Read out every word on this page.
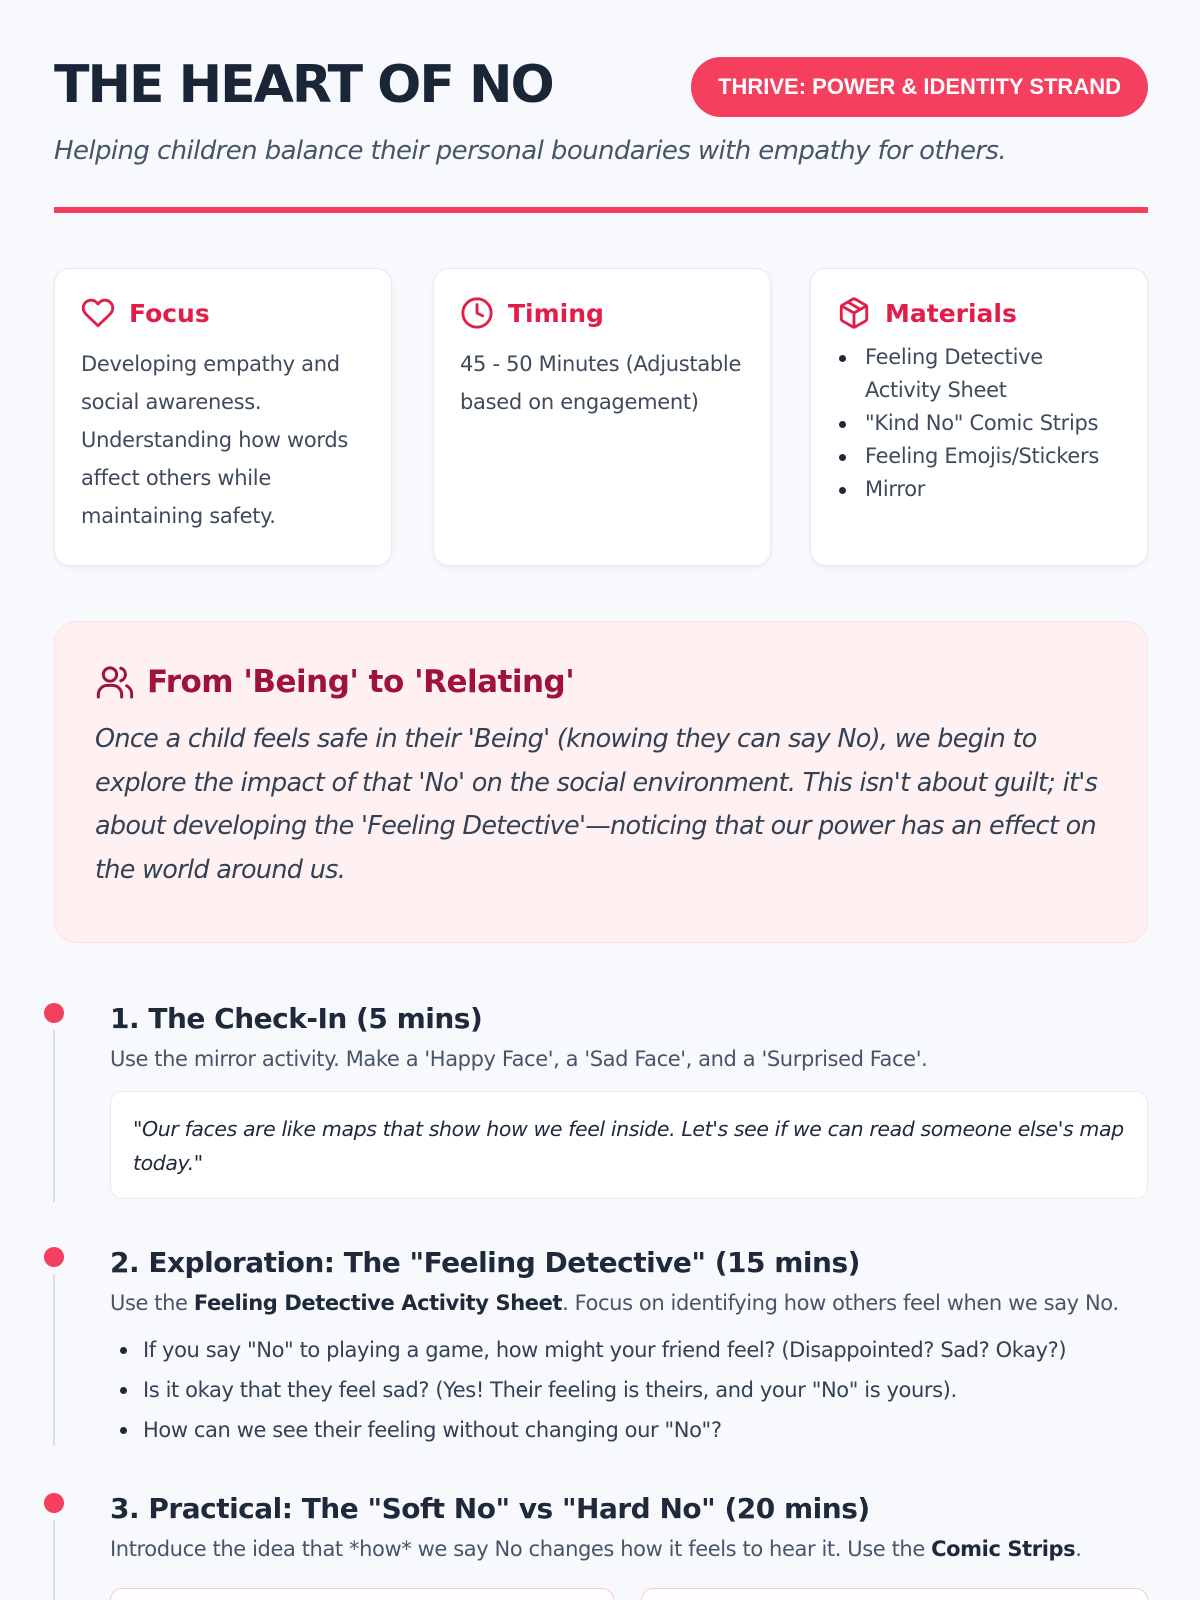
THE HEART OF NO	THRIVE: POWER & IDENTITY STRAND

Helping children balance their personal boundaries with empathy for others.

Focus

Developing empathy and social awareness. Understanding how words affect others while maintaining safety.

Timing

45 - 50 Minutes (Adjustable based on engagement)

Materials
Feeling Detective Activity Sheet
"Kind No" Comic Strips
Feeling Emojis/Stickers
Mirror
From 'Being' to 'Relating'

Once a child feels safe in their 'Being' (knowing they can say No), we begin to explore the impact of that 'No' on the social environment. This isn't about guilt; it's about developing the 'Feeling Detective'—noticing that our power has an effect on the world around us.

1. The Check-In (5 mins)

Use the mirror activity. Make a 'Happy Face', a 'Sad Face', and a 'Surprised Face'.

"Our faces are like maps that show how we feel inside. Let's see if we can read someone else's map today."
2. Exploration: The "Feeling Detective" (15 mins)

Use the Feeling Detective Activity Sheet. Focus on identifying how others feel when we say No.

If you say "No" to playing a game, how might your friend feel? (Disappointed? Sad? Okay?)
Is it okay that they feel sad? (Yes! Their feeling is theirs, and your "No" is yours).
How can we see their feeling without changing our "No"?
3. Practical: The "Soft No" vs "Hard No" (20 mins)

Introduce the idea that *how* we say No changes how it feels to hear it. Use the Comic Strips.
